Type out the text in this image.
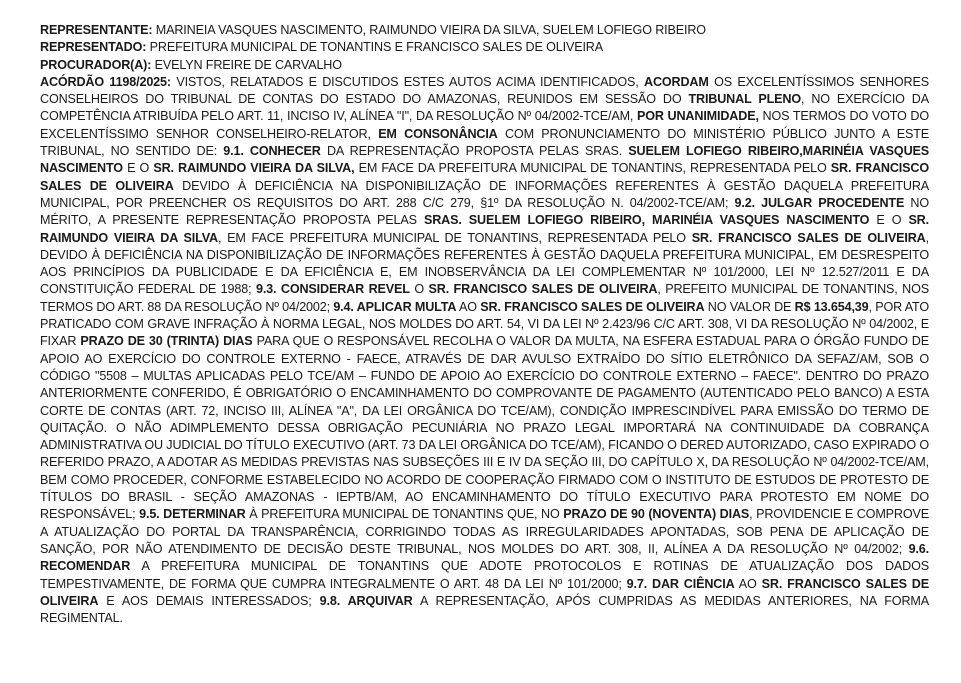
REPRESENTANTE: MARINEIA VASQUES NASCIMENTO, RAIMUNDO VIEIRA DA SILVA, SUELEM LOFIEGO RIBEIRO
REPRESENTADO: PREFEITURA MUNICIPAL DE TONANTINS E FRANCISCO SALES DE OLIVEIRA
PROCURADOR(A): EVELYN FREIRE DE CARVALHO

ACÓRDÃO 1198/2025: VISTOS, RELATADOS E DISCUTIDOS ESTES AUTOS ACIMA IDENTIFICADOS, ACORDAM OS EXCELENTÍSSIMOS SENHORES CONSELHEIROS DO TRIBUNAL DE CONTAS DO ESTADO DO AMAZONAS, REUNIDOS EM SESSÃO DO TRIBUNAL PLENO, NO EXERCÍCIO DA COMPETÊNCIA ATRIBUÍDA PELO ART. 11, INCISO IV, ALÍNEA "I", DA RESOLUÇÃO Nº 04/2002-TCE/AM, POR UNANIMIDADE, NOS TERMOS DO VOTO DO EXCELENTÍSSIMO SENHOR CONSELHEIRO-RELATOR, EM CONSONÂNCIA COM PRONUNCIAMENTO DO MINISTÉRIO PÚBLICO JUNTO A ESTE TRIBUNAL, NO SENTIDO DE: 9.1. CONHECER DA REPRESENTAÇÃO PROPOSTA PELAS SRAS. SUELEM LOFIEGO RIBEIRO,MARINÉIA VASQUES NASCIMENTO E O SR. RAIMUNDO VIEIRA DA SILVA, EM FACE DA PREFEITURA MUNICIPAL DE TONANTINS, REPRESENTADA PELO SR. FRANCISCO SALES DE OLIVEIRA DEVIDO À DEFICIÊNCIA NA DISPONIBILIZAÇÃO DE INFORMAÇÕES REFERENTES À GESTÃO DAQUELA PREFEITURA MUNICIPAL, POR PREENCHER OS REQUISITOS DO ART. 288 C/C 279, §1º DA RESOLUÇÃO N. 04/2002-TCE/AM; 9.2. JULGAR PROCEDENTE NO MÉRITO, A PRESENTE REPRESENTAÇÃO PROPOSTA PELAS SRAS. SUELEM LOFIEGO RIBEIRO, MARINÉIA VASQUES NASCIMENTO E O SR. RAIMUNDO VIEIRA DA SILVA, EM FACE PREFEITURA MUNICIPAL DE TONANTINS, REPRESENTADA PELO SR. FRANCISCO SALES DE OLIVEIRA, DEVIDO À DEFICIÊNCIA NA DISPONIBILIZAÇÃO DE INFORMAÇÕES REFERENTES À GESTÃO DAQUELA PREFEITURA MUNICIPAL, EM DESRESPEITO AOS PRINCÍPIOS DA PUBLICIDADE E DA EFICIÊNCIA E, EM INOBSERVÂNCIA DA LEI COMPLEMENTAR Nº 101/2000, LEI Nº 12.527/2011 E DA CONSTITUIÇÃO FEDERAL DE 1988; 9.3. CONSIDERAR REVEL O SR. FRANCISCO SALES DE OLIVEIRA, PREFEITO MUNICIPAL DE TONANTINS, NOS TERMOS DO ART. 88 DA RESOLUÇÃO Nº 04/2002; 9.4. APLICAR MULTA AO SR. FRANCISCO SALES DE OLIVEIRA NO VALOR DE R$ 13.654,39, POR ATO PRATICADO COM GRAVE INFRAÇÃO À NORMA LEGAL, NOS MOLDES DO ART. 54, VI DA LEI Nº 2.423/96 C/C ART. 308, VI DA RESOLUÇÃO Nº 04/2002, E FIXAR PRAZO DE 30 (TRINTA) DIAS PARA QUE O RESPONSÁVEL RECOLHA O VALOR DA MULTA, NA ESFERA ESTADUAL PARA O ÓRGÃO FUNDO DE APOIO AO EXERCÍCIO DO CONTROLE EXTERNO - FAECE, ATRAVÉS DE DAR AVULSO EXTRAÍDO DO SÍTIO ELETRÔNICO DA SEFAZ/AM, SOB O CÓDIGO "5508 – MULTAS APLICADAS PELO TCE/AM – FUNDO DE APOIO AO EXERCÍCIO DO CONTROLE EXTERNO – FAECE". DENTRO DO PRAZO ANTERIORMENTE CONFERIDO, É OBRIGATÓRIO O ENCAMINHAMENTO DO COMPROVANTE DE PAGAMENTO (AUTENTICADO PELO BANCO) A ESTA CORTE DE CONTAS (ART. 72, INCISO III, ALÍNEA "A", DA LEI ORGÂNICA DO TCE/AM), CONDIÇÃO IMPRESCINDÍVEL PARA EMISSÃO DO TERMO DE QUITAÇÃO. O NÃO ADIMPLEMENTO DESSA OBRIGAÇÃO PECUNIÁRIA NO PRAZO LEGAL IMPORTARÁ NA CONTINUIDADE DA COBRANÇA ADMINISTRATIVA OU JUDICIAL DO TÍTULO EXECUTIVO (ART. 73 DA LEI ORGÂNICA DO TCE/AM), FICANDO O DERED AUTORIZADO, CASO EXPIRADO O REFERIDO PRAZO, A ADOTAR AS MEDIDAS PREVISTAS NAS SUBSEÇÕES III E IV DA SEÇÃO III, DO CAPÍTULO X, DA RESOLUÇÃO Nº 04/2002-TCE/AM, BEM COMO PROCEDER, CONFORME ESTABELECIDO NO ACORDO DE COOPERAÇÃO FIRMADO COM O INSTITUTO DE ESTUDOS DE PROTESTO DE TÍTULOS DO BRASIL - SEÇÃO AMAZONAS - IEPTB/AM, AO ENCAMINHAMENTO DO TÍTULO EXECUTIVO PARA PROTESTO EM NOME DO RESPONSÁVEL; 9.5. DETERMINAR À PREFEITURA MUNICIPAL DE TONANTINS QUE, NO PRAZO DE 90 (NOVENTA) DIAS, PROVIDENCIE E COMPROVE A ATUALIZAÇÃO DO PORTAL DA TRANSPARÊNCIA, CORRIGINDO TODAS AS IRREGULARIDADES APONTADAS, SOB PENA DE APLICAÇÃO DE SANÇÃO, POR NÃO ATENDIMENTO DE DECISÃO DESTE TRIBUNAL, NOS MOLDES DO ART. 308, II, ALÍNEA A DA RESOLUÇÃO Nº 04/2002; 9.6. RECOMENDAR A PREFEITURA MUNICIPAL DE TONANTINS QUE ADOTE PROTOCOLOS E ROTINAS DE ATUALIZAÇÃO DOS DADOS TEMPESTIVAMENTE, DE FORMA QUE CUMPRA INTEGRALMENTE O ART. 48 DA LEI Nº 101/2000; 9.7. DAR CIÊNCIA AO SR. FRANCISCO SALES DE OLIVEIRA E AOS DEMAIS INTERESSADOS; 9.8. ARQUIVAR A REPRESENTAÇÃO, APÓS CUMPRIDAS AS MEDIDAS ANTERIORES, NA FORMA REGIMENTAL.
